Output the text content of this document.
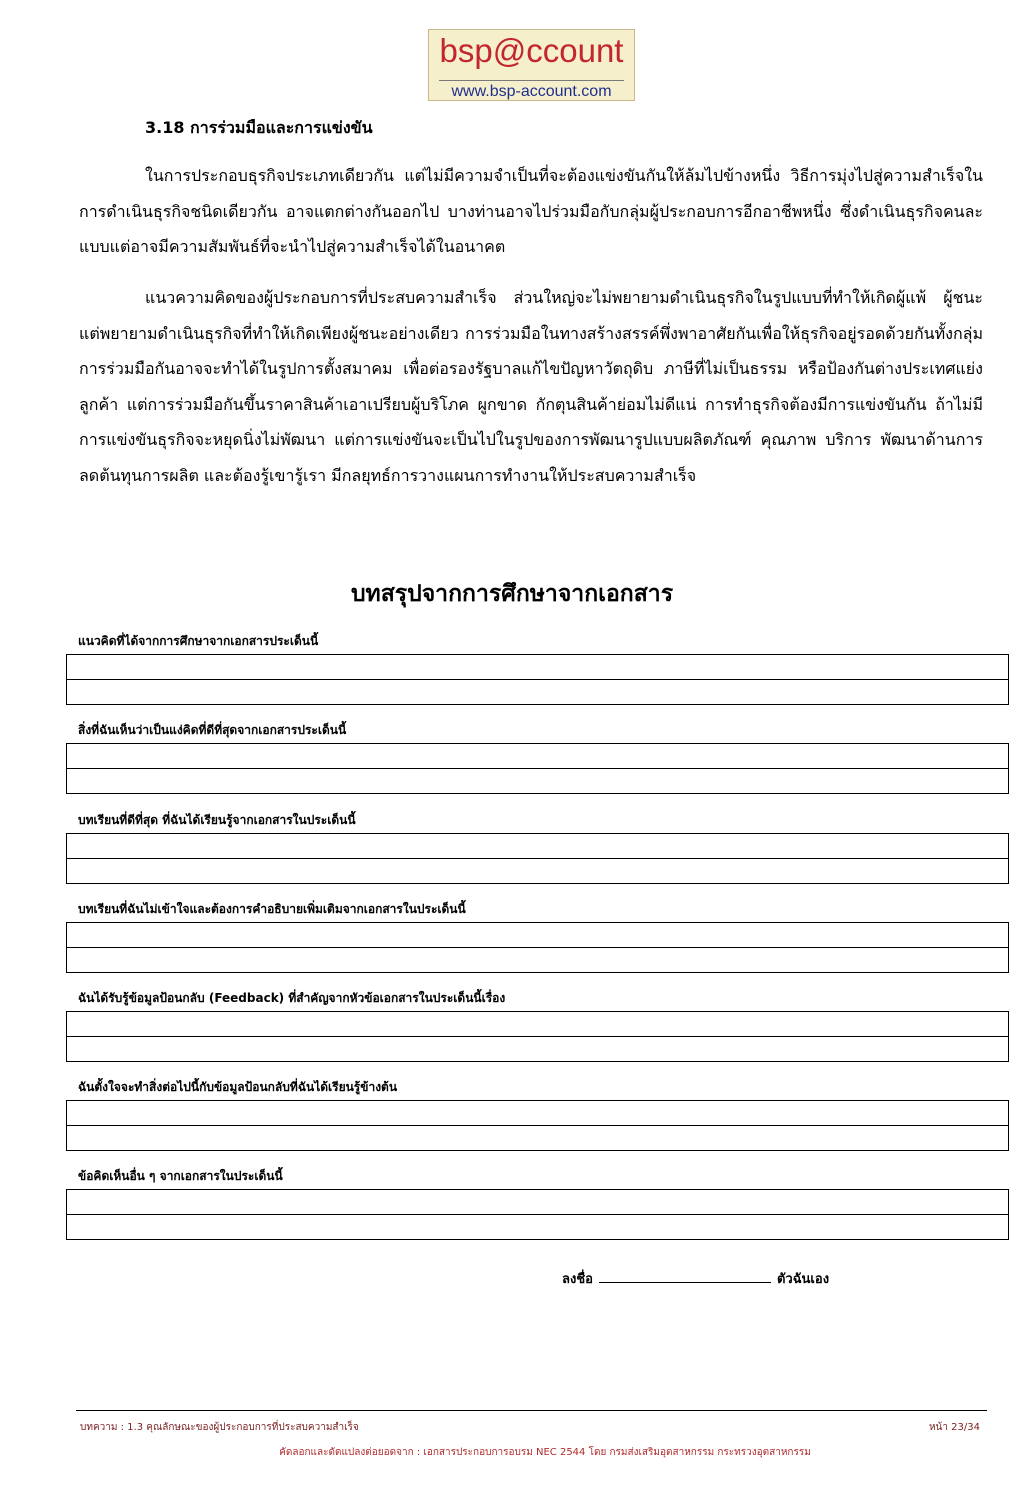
bsp@ccount
www.bsp-account.com
3.18 การร่วมมือและการแข่งขัน

ในการประกอบธุรกิจประเภทเดียวกัน แต่ไม่มีความจำเป็นที่จะต้องแข่งขันกันให้ล้มไปข้างหนึ่ง วิธีการมุ่งไปสู่ความสำเร็จในการดำเนินธุรกิจชนิดเดียวกัน อาจแตกต่างกันออกไป บางท่านอาจไปร่วมมือกับกลุ่มผู้ประกอบการอีกอาชีพหนึ่ง ซึ่งดำเนินธุรกิจคนละแบบแต่อาจมีความสัมพันธ์ที่จะนำไปสู่ความสำเร็จได้ในอนาคต

แนวความคิดของผู้ประกอบการที่ประสบความสำเร็จ ส่วนใหญ่จะไม่พยายามดำเนินธุรกิจในรูปแบบที่ทำให้เกิดผู้แพ้ ผู้ชนะ แต่พยายามดำเนินธุรกิจที่ทำให้เกิดเพียงผู้ชนะอย่างเดียว การร่วมมือในทางสร้างสรรค์พึ่งพาอาศัยกันเพื่อให้ธุรกิจอยู่รอดด้วยกันทั้งกลุ่ม การร่วมมือกันอาจจะทำได้ในรูปการตั้งสมาคม เพื่อต่อรองรัฐบาลแก้ไขปัญหาวัตถุดิบ ภาษีที่ไม่เป็นธรรม หรือป้องกันต่างประเทศแย่งลูกค้า แต่การร่วมมือกันขึ้นราคาสินค้าเอาเปรียบผู้บริโภค ผูกขาด กักตุนสินค้าย่อมไม่ดีแน่ การทำธุรกิจต้องมีการแข่งขันกัน ถ้าไม่มีการแข่งขันธุรกิจจะหยุดนิ่งไม่พัฒนา แต่การแข่งขันจะเป็นไปในรูปของการพัฒนารูปแบบผลิตภัณฑ์ คุณภาพ บริการ พัฒนาด้านการลดต้นทุนการผลิต และต้องรู้เขารู้เรา มีกลยุทธ์การวางแผนการทำงานให้ประสบความสำเร็จ

บทสรุปจากการศึกษาจากเอกสาร
แนวคิดที่ได้จากการศึกษาจากเอกสารประเด็นนี้
สิ่งที่ฉันเห็นว่าเป็นแง่คิดที่ดีที่สุดจากเอกสารประเด็นนี้
บทเรียนที่ดีที่สุด ที่ฉันได้เรียนรู้จากเอกสารในประเด็นนี้
บทเรียนที่ฉันไม่เข้าใจและต้องการคำอธิบายเพิ่มเติมจากเอกสารในประเด็นนี้
ฉันได้รับรู้ข้อมูลป้อนกลับ (Feedback) ที่สำคัญจากหัวข้อเอกสารในประเด็นนี้เรื่อง
ฉันตั้งใจจะทำสิ่งต่อไปนี้กับข้อมูลป้อนกลับที่ฉันได้เรียนรู้ข้างต้น
ข้อคิดเห็นอื่น ๆ จากเอกสารในประเด็นนี้
ลงชื่อ	ตัวฉันเอง
บทความ : 1.3 คุณลักษณะของผู้ประกอบการที่ประสบความสำเร็จ	หน้า 23/34
คัดลอกและดัดแปลงต่อยอดจาก : เอกสารประกอบการอบรม NEC 2544 โดย กรมส่งเสริมอุตสาหกรรม กระทรวงอุตสาหกรรม
